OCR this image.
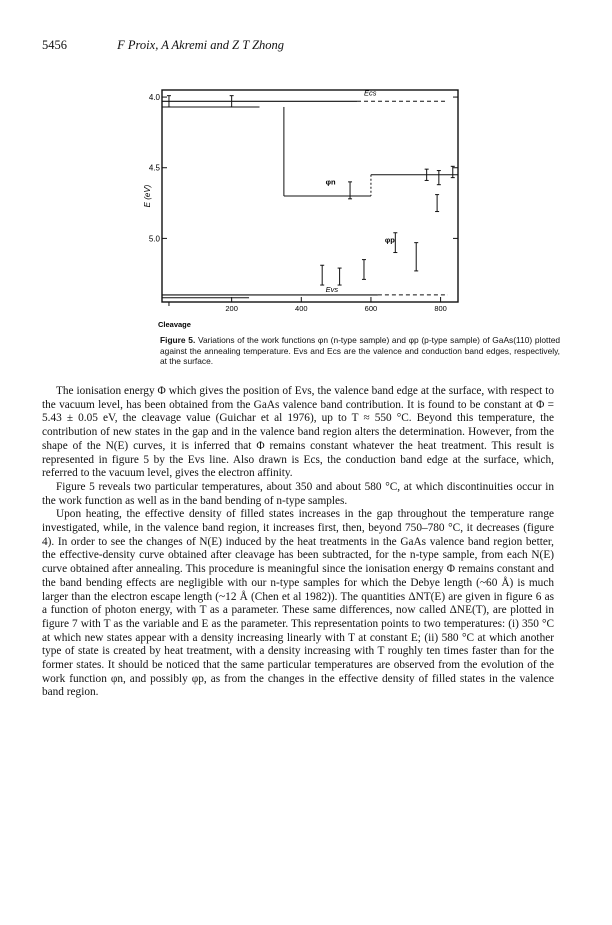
5456	F Proix, A Akremi and Z T Zhong
4.0
4.5
5.0
200	400	600	800
E (eV)
Cleavage
Ecs
Evs
φn
φp
Figure 5. Variations of the work functions φn (n-type sample) and φp (p-type sample) of GaAs(110) plotted against the annealing temperature. Evs and Ecs are the valence and conduction band edges, respectively, at the surface.

The ionisation energy Φ which gives the position of Evs, the valence band edge at the surface, with respect to the vacuum level, has been obtained from the GaAs valence band contribution. It is found to be constant at Φ = 5.43 ± 0.05 eV, the cleavage value (Guichar et al 1976), up to T ≈ 550 °C. Beyond this temperature, the contribution of new states in the gap and in the valence band region alters the determination. However, from the shape of the N(E) curves, it is inferred that Φ remains constant whatever the heat treatment. This result is represented in figure 5 by the Evs line. Also drawn is Ecs, the conduction band edge at the surface, which, referred to the vacuum level, gives the electron affinity.

Figure 5 reveals two particular temperatures, about 350 and about 580 °C, at which discontinuities occur in the work function as well as in the band bending of n-type samples.

Upon heating, the effective density of filled states increases in the gap throughout the temperature range investigated, while, in the valence band region, it increases first, then, beyond 750–780 °C, it decreases (figure 4). In order to see the changes of N(E) induced by the heat treatments in the GaAs valence band region better, the effective-density curve obtained after cleavage has been subtracted, for the n-type sample, from each N(E) curve obtained after annealing. This procedure is meaningful since the ionisation energy Φ remains constant and the band bending effects are negligible with our n-type samples for which the Debye length (~60 Å) is much larger than the electron escape length (~12 Å (Chen et al 1982)). The quantities ΔNT(E) are given in figure 6 as a function of photon energy, with T as a parameter. These same differences, now called ΔNE(T), are plotted in figure 7 with T as the variable and E as the parameter. This representation points to two temperatures: (i) 350 °C at which new states appear with a density increasing linearly with T at constant E; (ii) 580 °C at which another type of state is created by heat treatment, with a density increasing with T roughly ten times faster than for the former states. It should be noticed that the same particular temperatures are observed from the evolution of the work function φn, and possibly φp, as from the changes in the effective density of filled states in the valence band region.
